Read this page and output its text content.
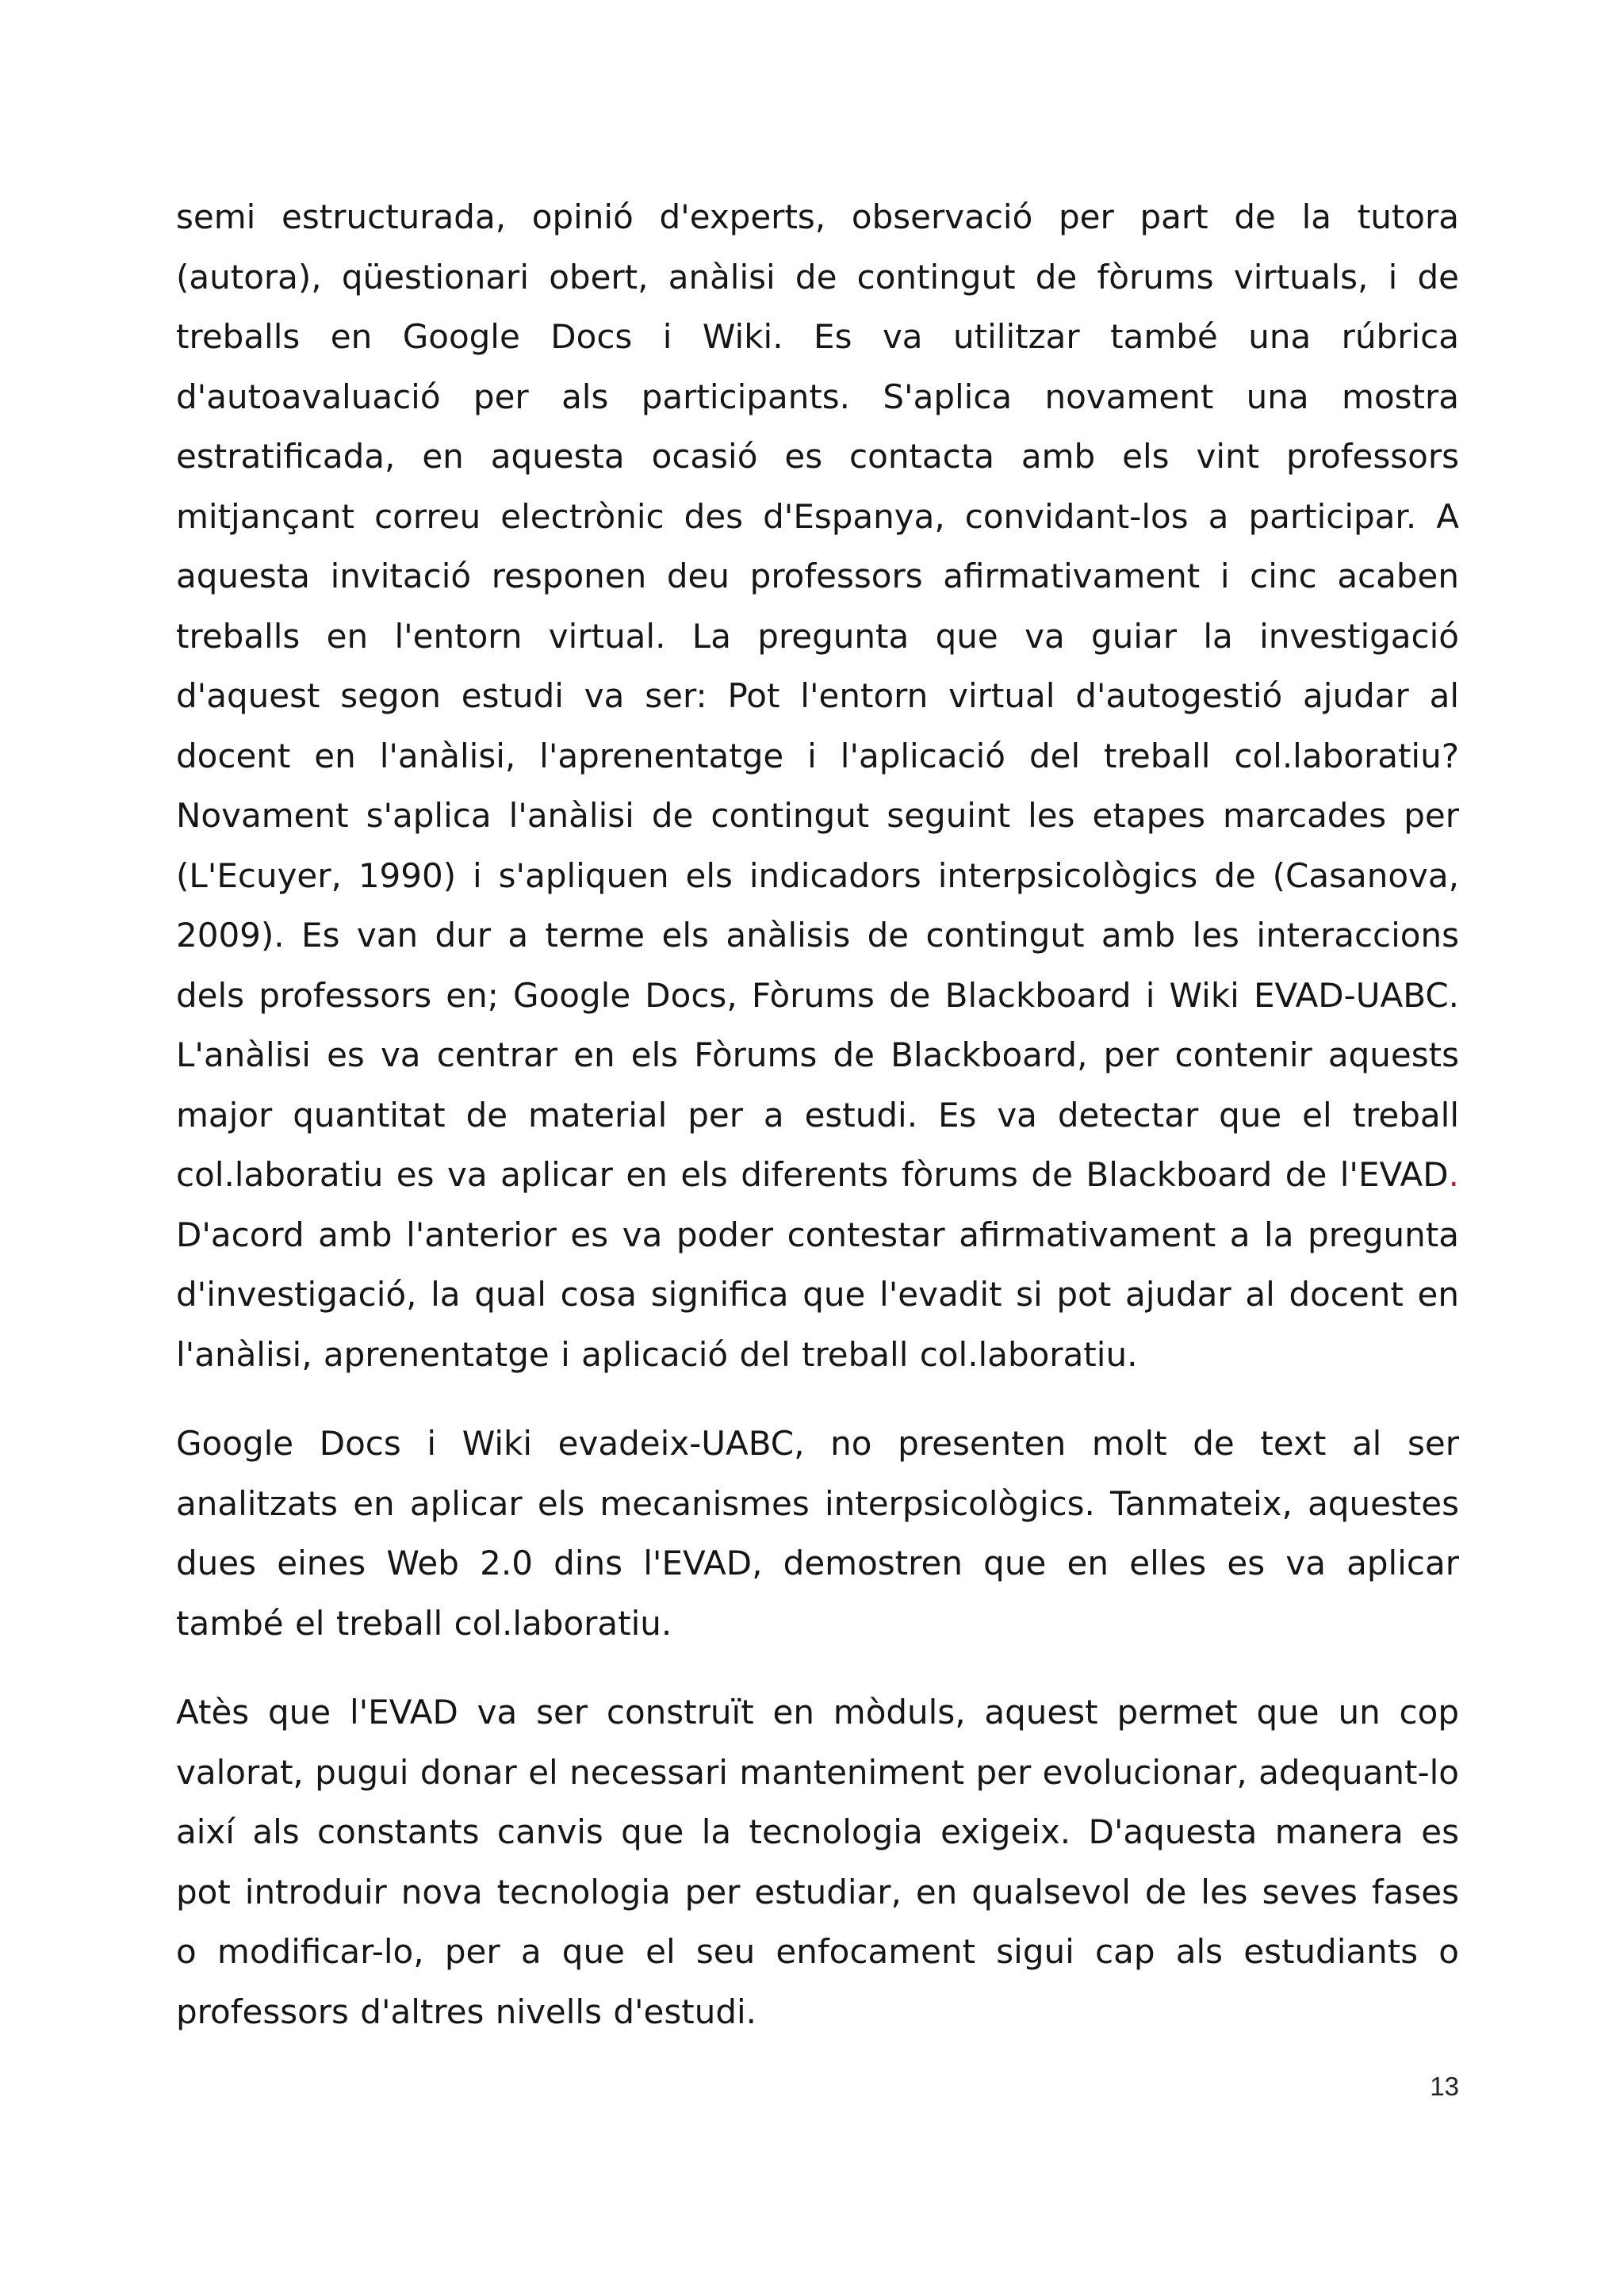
semi estructurada, opinió d'experts, observació per part de la tutora (autora), qüestionari obert, anàlisi de contingut de fòrums virtuals, i de treballs en Google Docs i Wiki. Es va utilitzar també una rúbrica d'autoavaluació per als participants. S'aplica novament una mostra estratificada, en aquesta ocasió es contacta amb els vint professors mitjançant correu electrònic des d'Espanya, convidant-los a participar. A aquesta invitació responen deu professors afirmativament i cinc acaben treballs en l'entorn virtual. La pregunta que va guiar la investigació d'aquest segon estudi va ser: Pot l'entorn virtual d'autogestió ajudar al docent en l'anàlisi, l'aprenentatge i l'aplicació del treball col.laboratiu? Novament s'aplica l'anàlisi de contingut seguint les etapes marcades per (L'Ecuyer, 1990) i s'apliquen els indicadors interpsicològics de (Casanova, 2009). Es van dur a terme els anàlisis de contingut amb les interaccions dels professors en; Google Docs, Fòrums de Blackboard i Wiki EVAD-UABC. L'anàlisi es va centrar en els Fòrums de Blackboard, per contenir aquests major quantitat de material per a estudi. Es va detectar que el treball col.laboratiu es va aplicar en els diferents fòrums de Blackboard de l'EVAD. D'acord amb l'anterior es va poder contestar afirmativament a la pregunta d'investigació, la qual cosa significa que l'evadit si pot ajudar al docent en l'anàlisi, aprenentatge i aplicació del treball col.laboratiu.

Google Docs i Wiki evadeix-UABC, no presenten molt de text al ser analitzats en aplicar els mecanismes interpsicològics. Tanmateix, aquestes dues eines Web 2.0 dins l'EVAD, demostren que en elles es va aplicar també el treball col.laboratiu.

Atès que l'EVAD va ser construït en mòduls, aquest permet que un cop valorat, pugui donar el necessari manteniment per evolucionar, adequant-lo així als constants canvis que la tecnologia exigeix. D'aquesta manera es pot introduir nova tecnologia per estudiar, en qualsevol de les seves fases o modificar-lo, per a que el seu enfocament sigui cap als estudiants o professors d'altres nivells d'estudi.

13
